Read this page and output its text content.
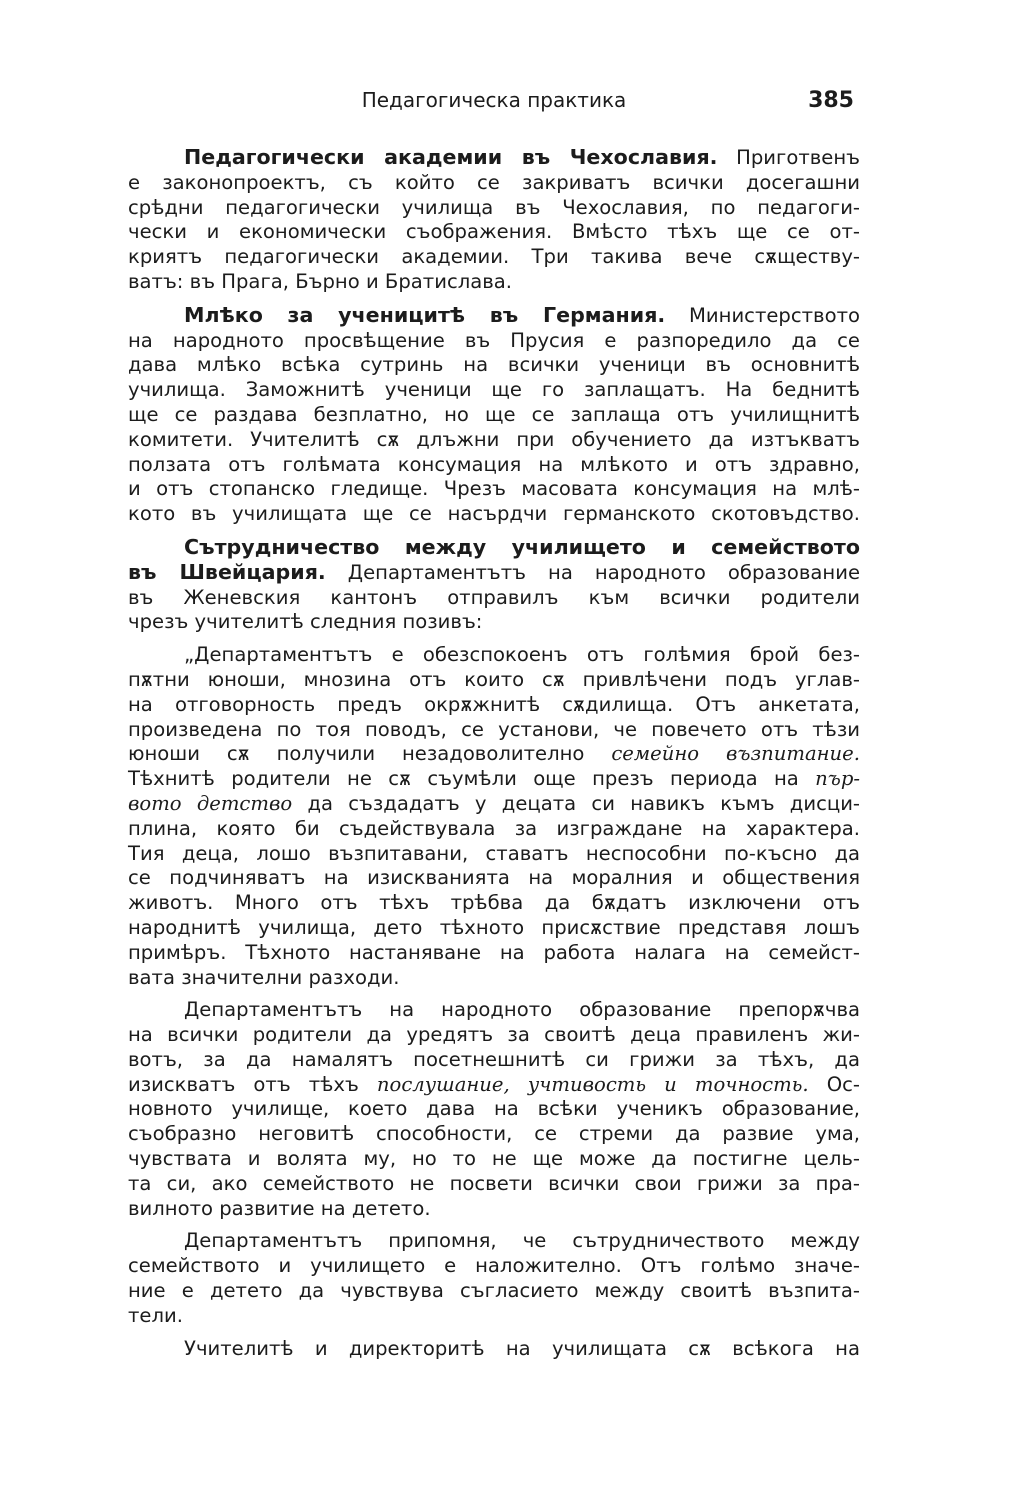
Педагогическа практика	385
Педагогически академии въ Чехославия. Приготвенъ
е законопроектъ, съ който се закриватъ всички досегашни
срѣдни педагогически училища въ Чехославия, по педагоги-
чески и економически съображения. Вмѣсто тѣхъ ще се от-
криятъ педагогически академии. Три такива вече сѫществу-
ватъ: въ Прага, Бърно и Братислава.
Млѣко за ученицитѣ въ Германия. Министерството
на народното просвѣщение въ Прусия е разпоредило да се
дава млѣко всѣка сутринь на всички ученици въ основнитѣ
училища. Заможнитѣ ученици ще го заплащатъ. На беднитѣ
ще се раздава безплатно, но ще се заплаща отъ училищнитѣ
комитети. Учителитѣ сѫ длъжни при обучението да изтъкватъ
ползата отъ голѣмата консумация на млѣкото и отъ здравно,
и отъ стопанско гледище. Чрезъ масовата консумация на млѣ-
кото въ училищата ще се насърдчи германското скотовъдство.
Сътрудничество между училището и семейството
въ Швейцария. Департаментътъ на народното образование
въ Женевския кантонъ отправилъ към всички родители
чрезъ учителитѣ следния позивъ:
„Департаментътъ е обезспокоенъ отъ голѣмия брой без-
пѫтни юноши, мнозина отъ които сѫ привлѣчени подъ углав-
на отговорность предъ окрѫжнитѣ сѫдилища. Отъ анкетата,
произведена по тоя поводъ, се установи, че повечето отъ тѣзи
юноши сѫ получили незадоволително семейно възпитание.
Тѣхнитѣ родители не сѫ съумѣли още презъ периода на пър-
вото детство да създадатъ у децата си навикъ къмъ дисци-
плина, която би съдействувала за изграждане на характера.
Тия деца, лошо възпитавани, ставатъ неспособни по-късно да
се подчиняватъ на изискванията на моралния и обществения
животъ. Много отъ тѣхъ трѣбва да бѫдатъ изключени отъ
народнитѣ училища, дето тѣхното присѫствие представя лошъ
примѣръ. Тѣхното настаняване на работа налага на семейст-
вата значителни разходи.
Департаментътъ на народното образование препорѫчва
на всички родители да уредятъ за своитѣ деца правиленъ жи-
вотъ, за да намалятъ посетнешнитѣ си грижи за тѣхъ, да
изискватъ отъ тѣхъ послушание, учтивость и точность. Ос-
новното училище, което дава на всѣки ученикъ образование,
съобразно неговитѣ способности, се стреми да развие ума,
чувствата и волята му, но то не ще може да постигне цель-
та си, ако семейството не посвети всички свои грижи за пра-
вилното развитие на детето.
Департаментътъ припомня, че сътрудничеството между
семейството и училището е наложително. Отъ голѣмо значе-
ние е детето да чувствува съгласието между своитѣ възпита-
тели.
Учителитѣ и директоритѣ на училищата сѫ всѣкога на
